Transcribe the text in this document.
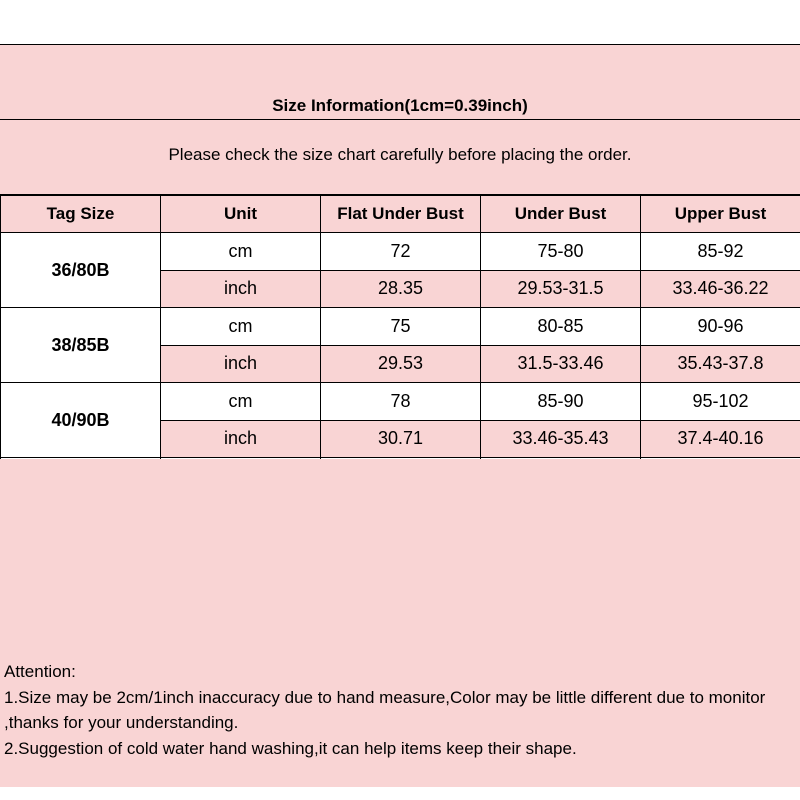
Size Information(1cm=0.39inch)
Please check the size chart carefully before placing the order.
Tag Size	Unit	Flat Under Bust	Under Bust	Upper Bust
36/80B	cm	72	75-80	85-92
	inch	28.35	29.53-31.5	33.46-36.22
38/85B	cm	75	80-85	90-96
	inch	29.53	31.5-33.46	35.43-37.8
40/90B	cm	78	85-90	95-102
	inch	30.71	33.46-35.43	37.4-40.16

Attention:

1.Size may be 2cm/1inch inaccuracy due to hand measure,Color may be little different due to monitor ,thanks for your understanding.

2.Suggestion of cold water hand washing,it can help items keep their shape.
